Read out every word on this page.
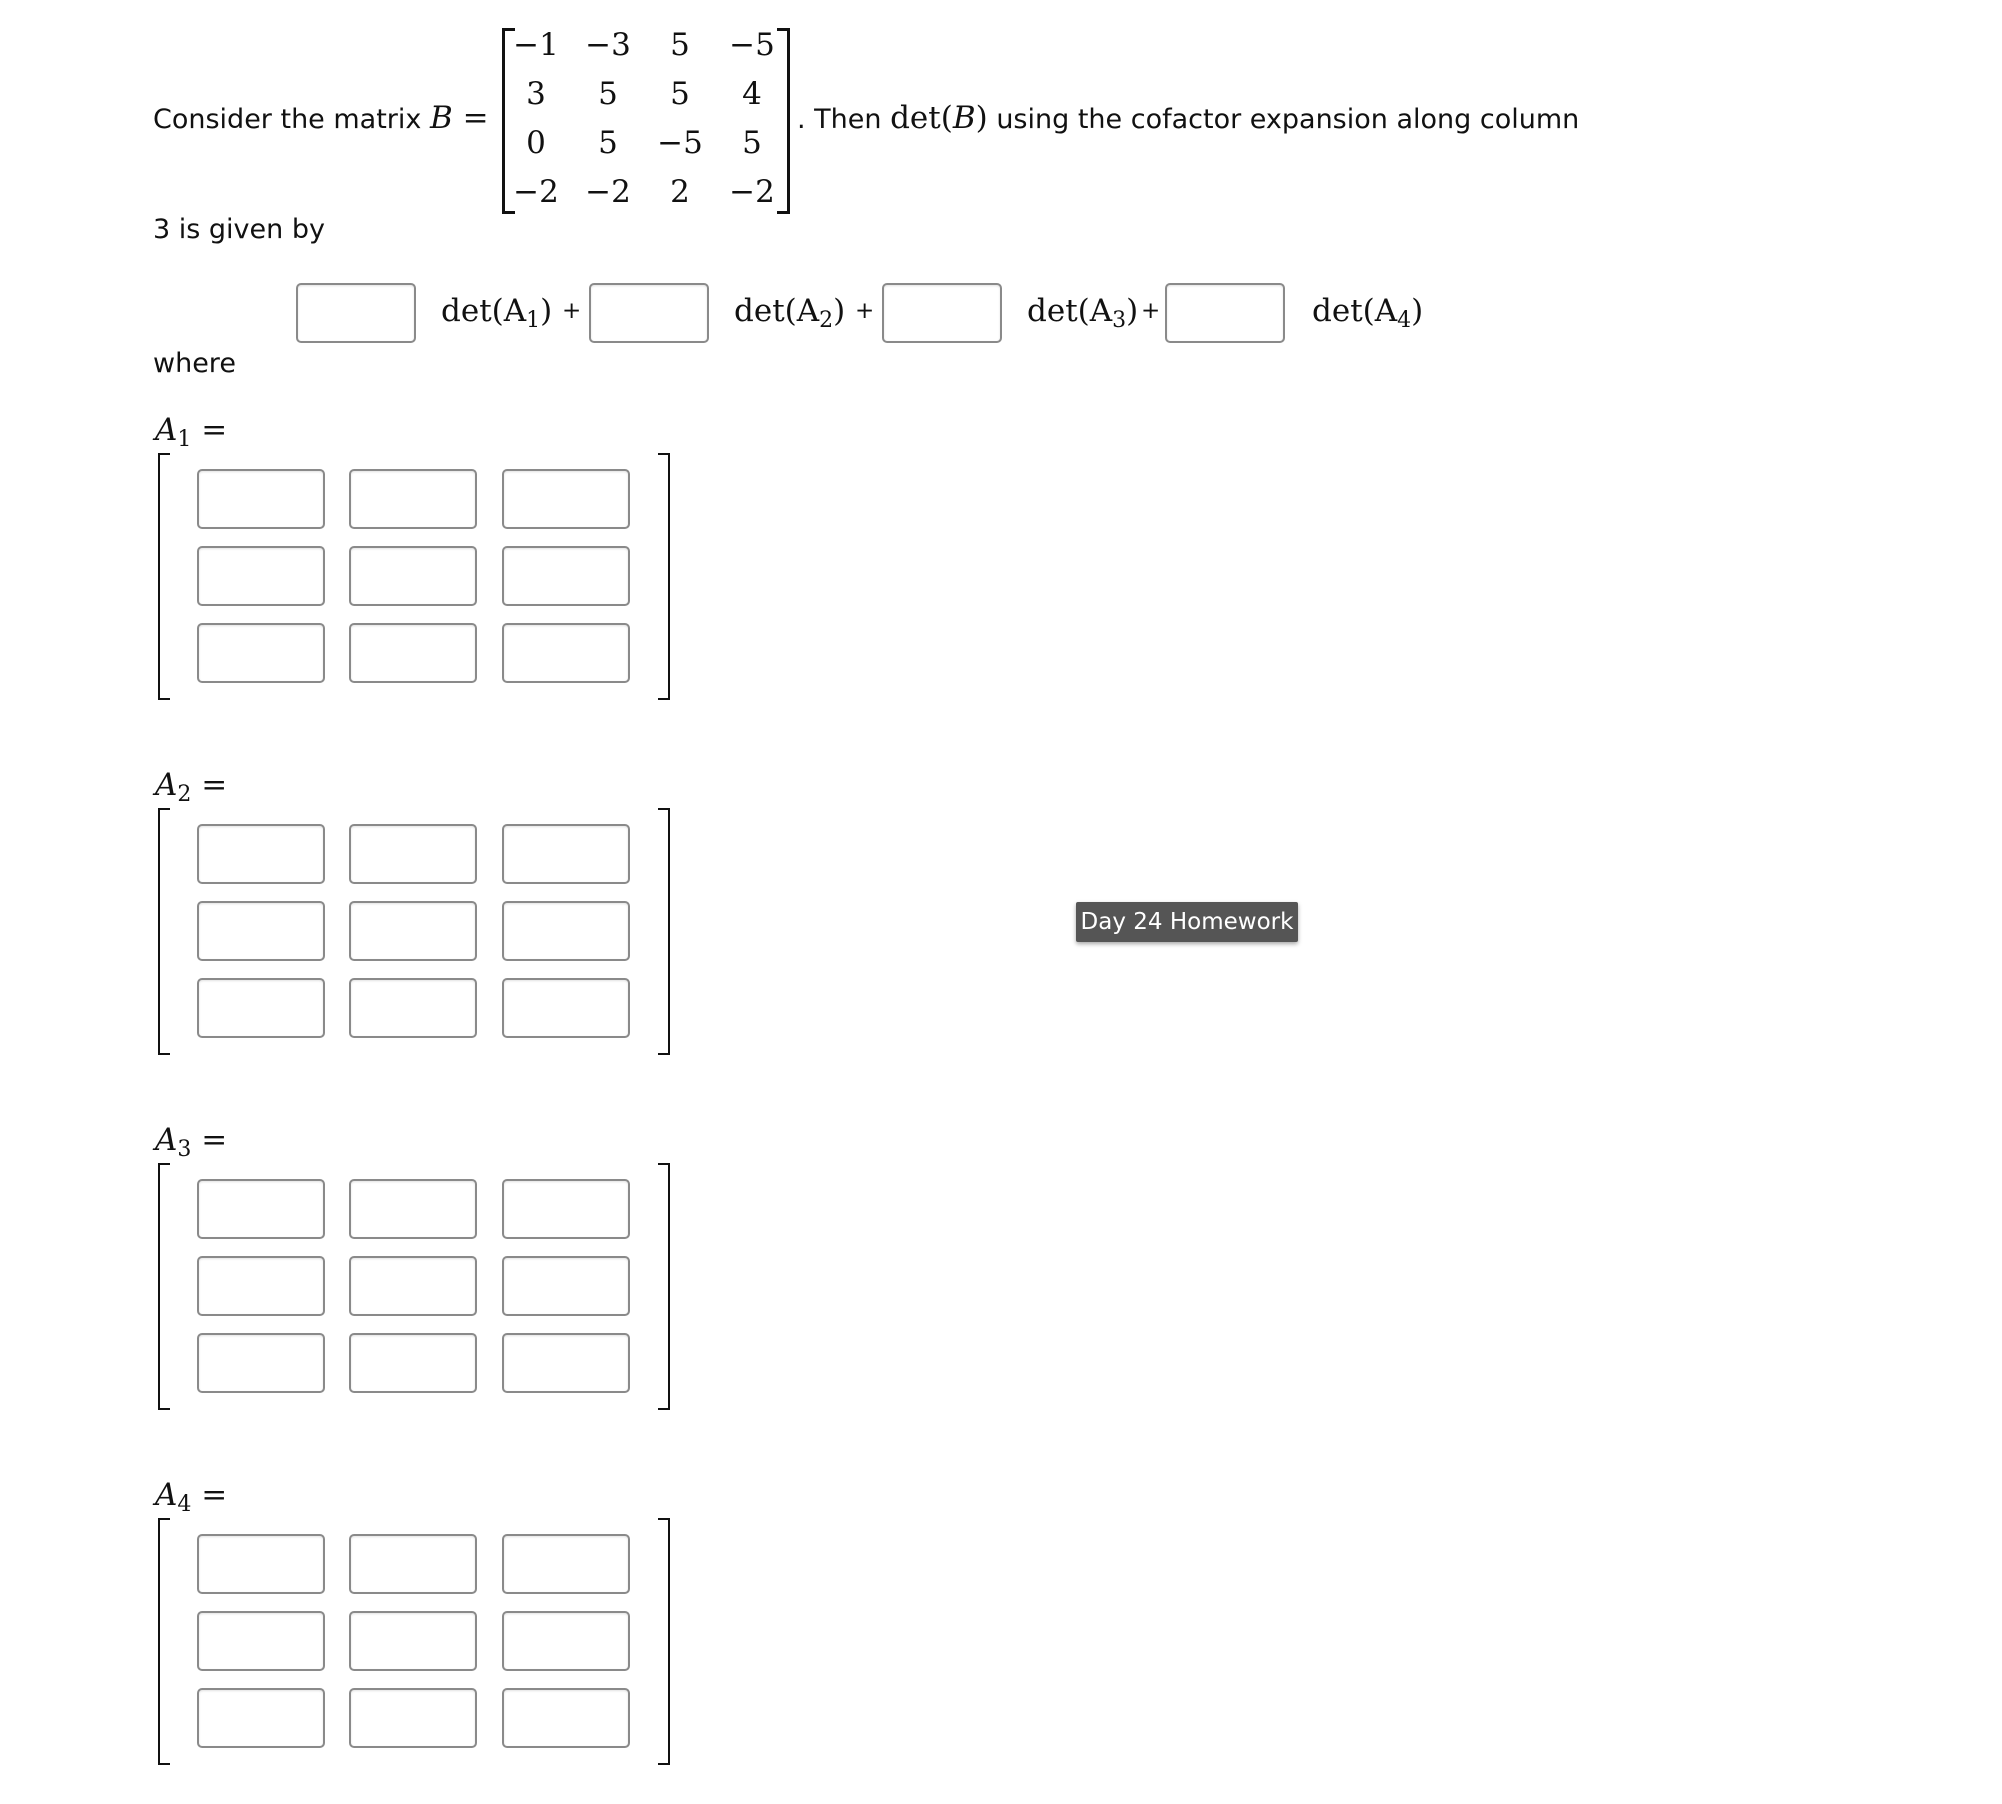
Consider the matrix B =
−1 −3	5	−5
3	5	5	4
0	5	−5	5
−2 −2	2	−2
. Then det(B) using the cofactor expansion along column
3 is given by
det(A1) +	det(A2) +	det(A3) +	det(A4)
where
A1 =
A2 =
A3 =
A4 =
Day 24 Homework
